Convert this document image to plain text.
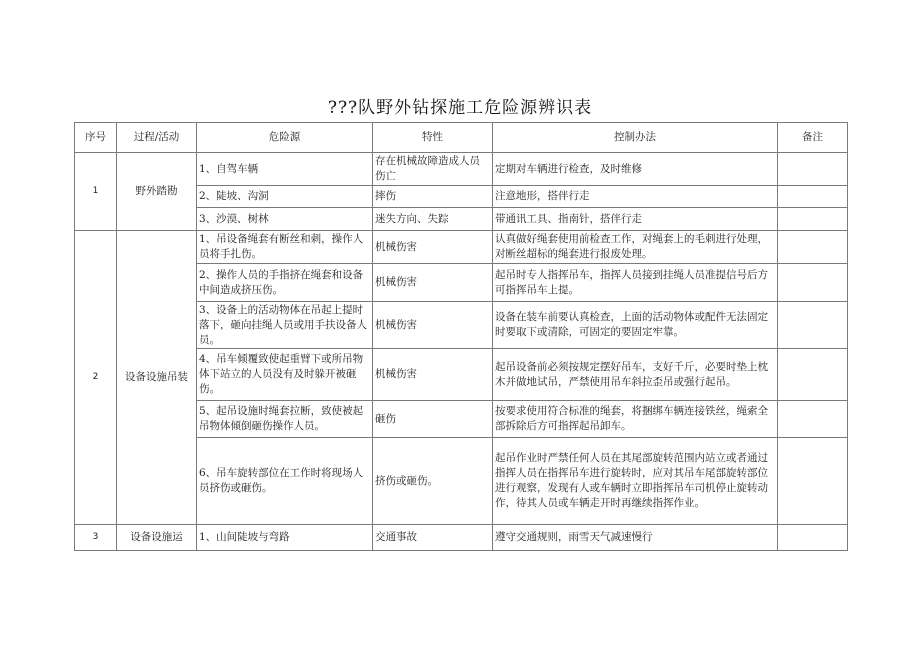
???队野外钻探施工危险源辨识表
序号	过程/活动	危险源	特性	控制办法	备注
1	野外踏勘	1、自驾车辆	存在机械故障造成人员伤亡	定期对车辆进行检查，及时维修	
		2、陡坡、沟洞	摔伤	注意地形，搭伴行走	
		3、沙漠、树林	迷失方向、失踪	带通讯工具、指南针，搭伴行走	
2	设备设施吊装	1、吊设备绳套有断丝和刺，操作人员将手扎伤。	机械伤害	认真做好绳套使用前检查工作，对绳套上的毛刺进行处理，对断丝超标的绳套进行报废处理。	
		2、操作人员的手指挤在绳套和设备中间造成挤压伤。	机械伤害	起吊时专人指挥吊车，指挥人员接到挂绳人员准提信号后方可指挥吊车上提。	
		3、设备上的活动物体在吊起上提时落下，砸向挂绳人员或用手扶设备人员。	机械伤害	设备在装车前要认真检查，上面的活动物体或配件无法固定时要取下或清除，可固定的要固定牢靠。	
		4、吊车倾覆致使起重臂下或所吊物体下站立的人员没有及时躲开被砸伤。	机械伤害	起吊设备前必须按规定摆好吊车，支好千斤，必要时垫上枕木并做地试吊，严禁使用吊车斜拉歪吊或强行起吊。	
		5、起吊设施时绳套拉断，致使被起吊物体倾倒砸伤操作人员。	砸伤	按要求使用符合标准的绳套，将捆绑车辆连接铁丝，绳索全部拆除后方可指挥起吊卸车。	
		6、吊车旋转部位在工作时将现场人员挤伤或砸伤。	挤伤或砸伤。	起吊作业时严禁任何人员在其尾部旋转范围内站立或者通过指挥人员在指挥吊车进行旋转时，应对其吊车尾部旋转部位进行观察，发现有人或车辆时立即指挥吊车司机停止旋转动作，待其人员或车辆走开时再继续指挥作业。	
3	设备设施运	1、山间陡坡与弯路	交通事故	遵守交通规则，雨雪天气减速慢行	
